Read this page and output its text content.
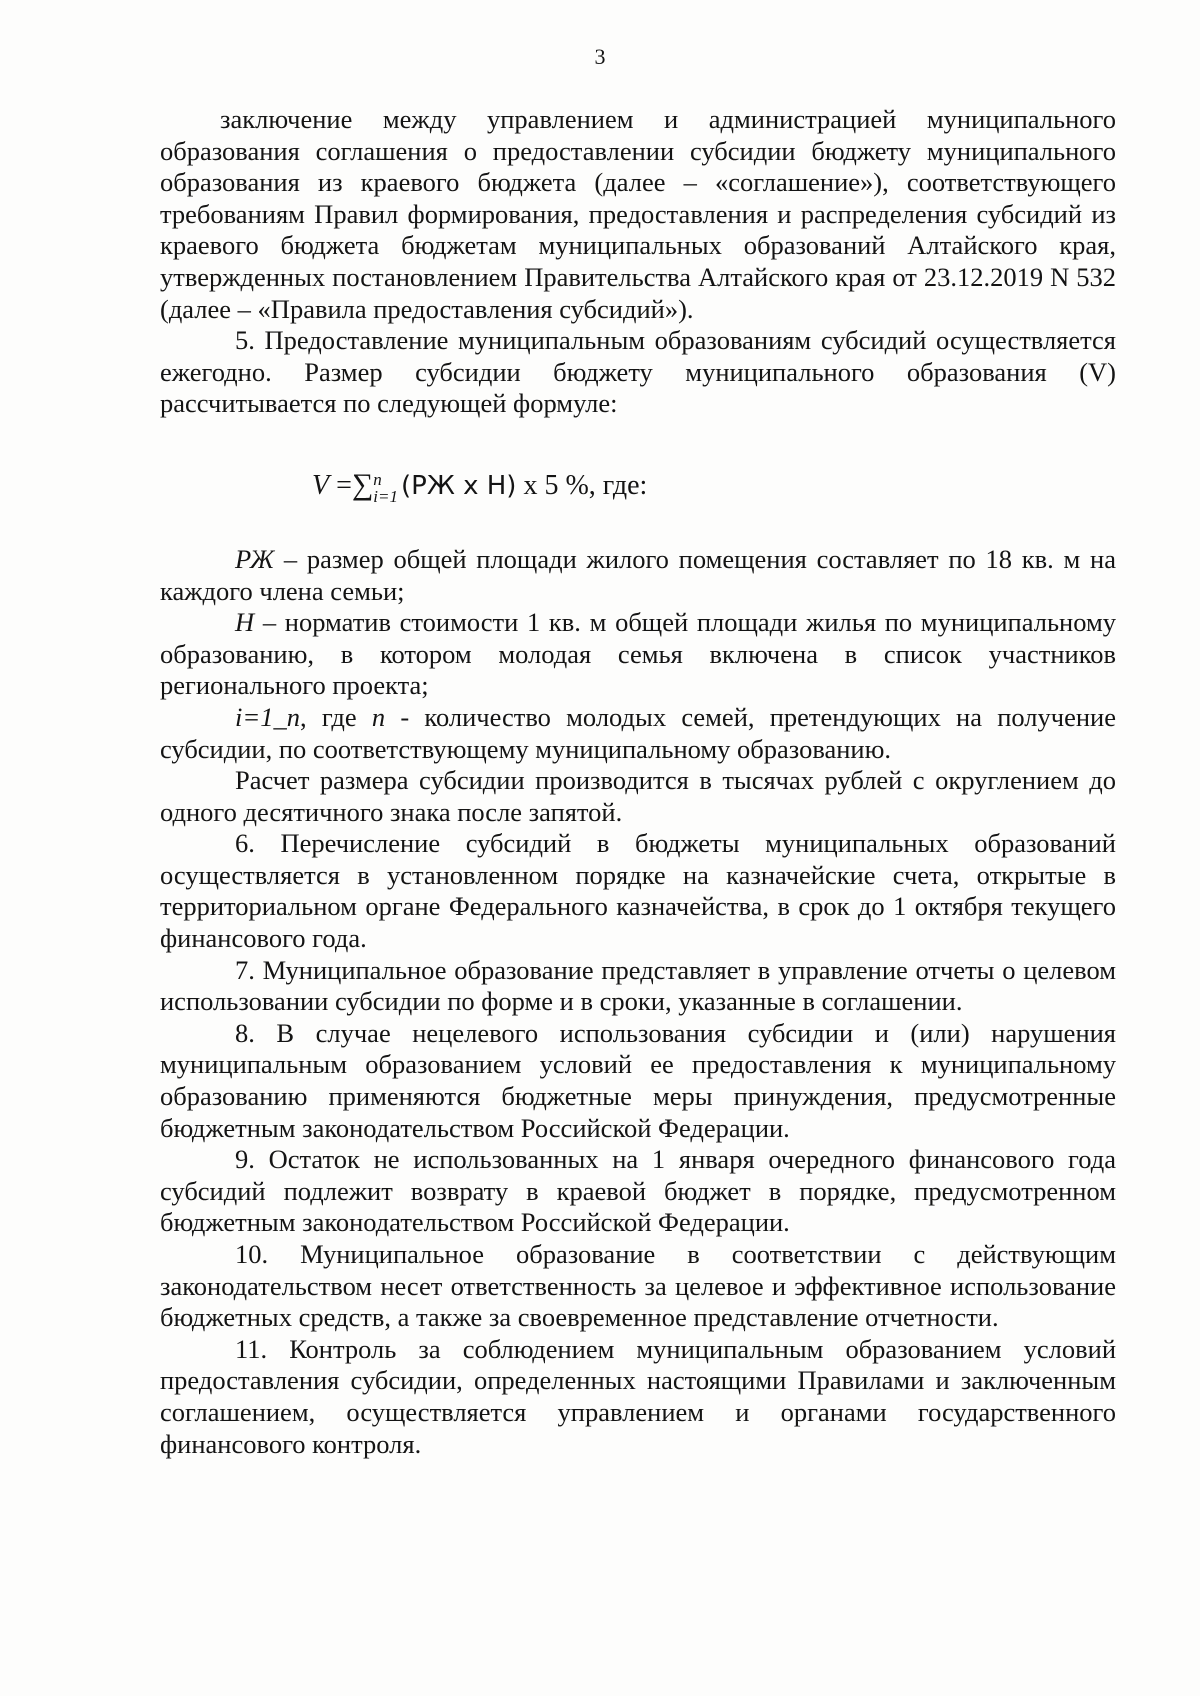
3

заключение между управлением и администрацией муниципального образования соглашения о предоставлении субсидии бюджету муниципального образования из краевого бюджета (далее – «соглашение»), соответствующего требованиям Правил формирования, предоставления и распределения субсидий из краевого бюджета бюджетам муниципальных образований Алтайского края, утвержденных постановлением Правительства Алтайского края от 23.12.2019 N 532 (далее – «Правила предоставления субсидий»).

5. Предоставление муниципальным образованиям субсидий осуществляется ежегодно. Размер субсидии бюджету муниципального образования (V) рассчитывается по следующей формуле:

V =∑ n
i=1 (РЖ x Н) x 5 %, где:

РЖ – размер общей площади жилого помещения составляет по 18 кв. м на каждого члена семьи;

Н – норматив стоимости 1 кв. м общей площади жилья по муниципальному образованию, в котором молодая семья включена в список участников регионального проекта;

i=1_n, где n - количество молодых семей, претендующих на получение субсидии, по соответствующему муниципальному образованию.

Расчет размера субсидии производится в тысячах рублей с округлением до одного десятичного знака после запятой.

6. Перечисление субсидий в бюджеты муниципальных образований осуществляется в установленном порядке на казначейские счета, открытые в территориальном органе Федерального казначейства, в срок до 1 октября текущего финансового года.

7. Муниципальное образование представляет в управление отчеты о целевом использовании субсидии по форме и в сроки, указанные в соглашении.

8. В случае нецелевого использования субсидии и (или) нарушения муниципальным образованием условий ее предоставления к муниципальному образованию применяются бюджетные меры принуждения, предусмотренные бюджетным законодательством Российской Федерации.

9. Остаток не использованных на 1 января очередного финансового года субсидий подлежит возврату в краевой бюджет в порядке, предусмотренном бюджетным законодательством Российской Федерации.

10. Муниципальное образование в соответствии с действующим законодательством несет ответственность за целевое и эффективное использование бюджетных средств, а также за своевременное представление отчетности.

11. Контроль за соблюдением муниципальным образованием условий предоставления субсидии, определенных настоящими Правилами и заключенным соглашением, осуществляется управлением и органами государственного финансового контроля.
